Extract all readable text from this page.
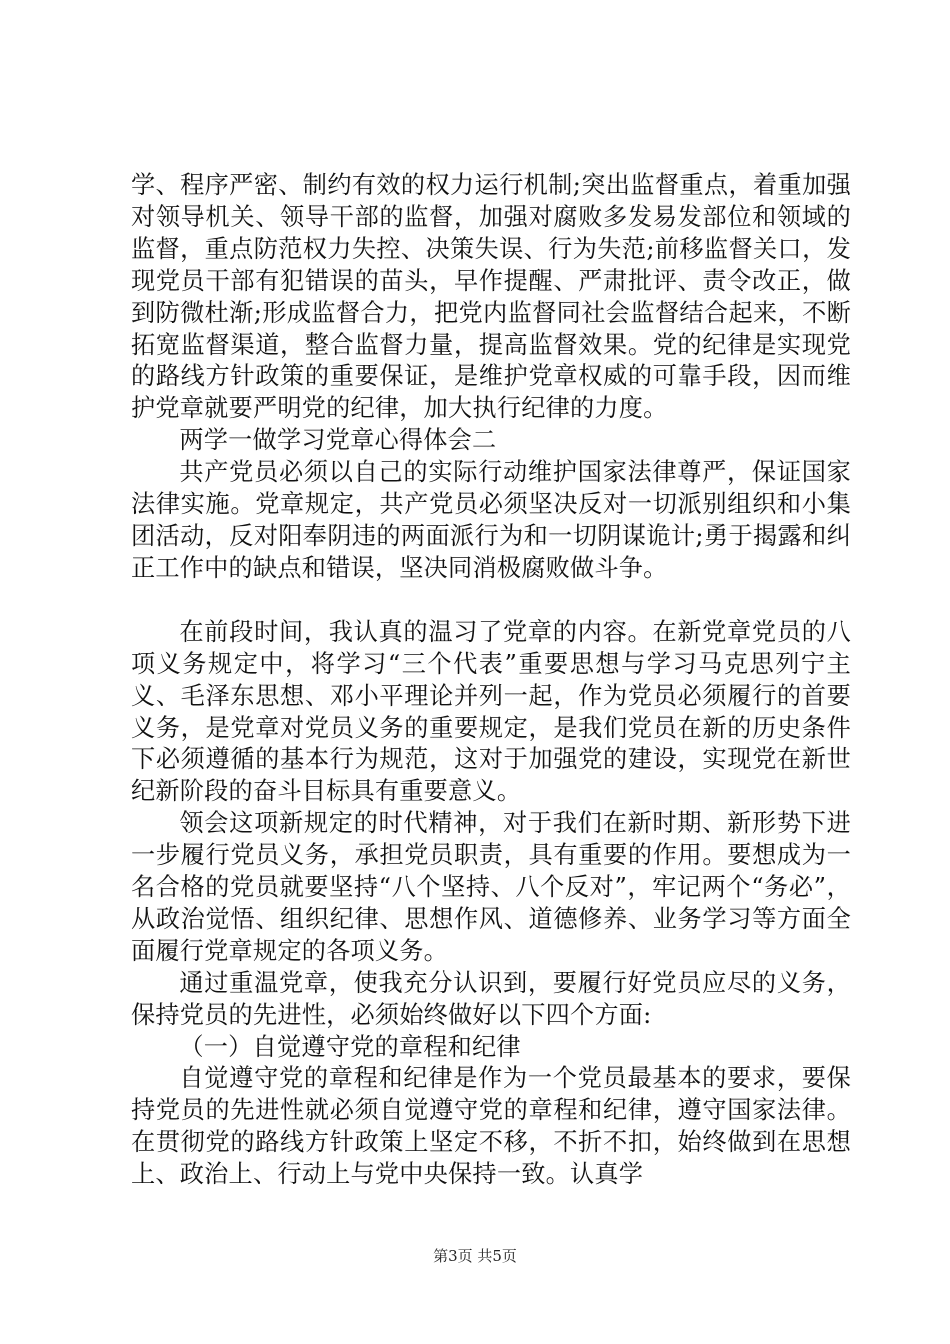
学、程序严密、制约有效的权力运行机制;突出监督重点，着重加强对领导机关、领导干部的监督，加强对腐败多发易发部位和领域的监督，重点防范权力失控、决策失误、行为失范;前移监督关口，发现党员干部有犯错误的苗头，早作提醒、严肃批评、责令改正，做到防微杜渐;形成监督合力，把党内监督同社会监督结合起来，不断拓宽监督渠道，整合监督力量，提高监督效果。党的纪律是实现党的路线方针政策的重要保证，是维护党章权威的可靠手段，因而维护党章就要严明党的纪律，加大执行纪律的力度。

两学一做学习党章心得体会二

共产党员必须以自己的实际行动维护国家法律尊严，保证国家法律实施。党章规定，共产党员必须坚决反对一切派别组织和小集团活动，反对阳奉阴违的两面派行为和一切阴谋诡计;勇于揭露和纠正工作中的缺点和错误，坚决同消极腐败做斗争。

在前段时间，我认真的温习了党章的内容。在新党章党员的八项义务规定中，将学习“三个代表”重要思想与学习马克思列宁主义、毛泽东思想、邓小平理论并列一起，作为党员必须履行的首要义务，是党章对党员义务的重要规定，是我们党员在新的历史条件下必须遵循的基本行为规范，这对于加强党的建设，实现党在新世纪新阶段的奋斗目标具有重要意义。

领会这项新规定的时代精神，对于我们在新时期、新形势下进一步履行党员义务，承担党员职责，具有重要的作用。要想成为一名合格的党员就要坚持“八个坚持、八个反对”，牢记两个“务必”，从政治觉悟、组织纪律、思想作风、道德修养、业务学习等方面全面履行党章规定的各项义务。

通过重温党章，使我充分认识到，要履行好党员应尽的义务，保持党员的先进性，必须始终做好以下四个方面:

（一）自觉遵守党的章程和纪律

自觉遵守党的章程和纪律是作为一个党员最基本的要求，要保持党员的先进性就必须自觉遵守党的章程和纪律，遵守国家法律。在贯彻党的路线方针政策上坚定不移，不折不扣，始终做到在思想上、政治上、行动上与党中央保持一致。认真学

第3页 共5页
